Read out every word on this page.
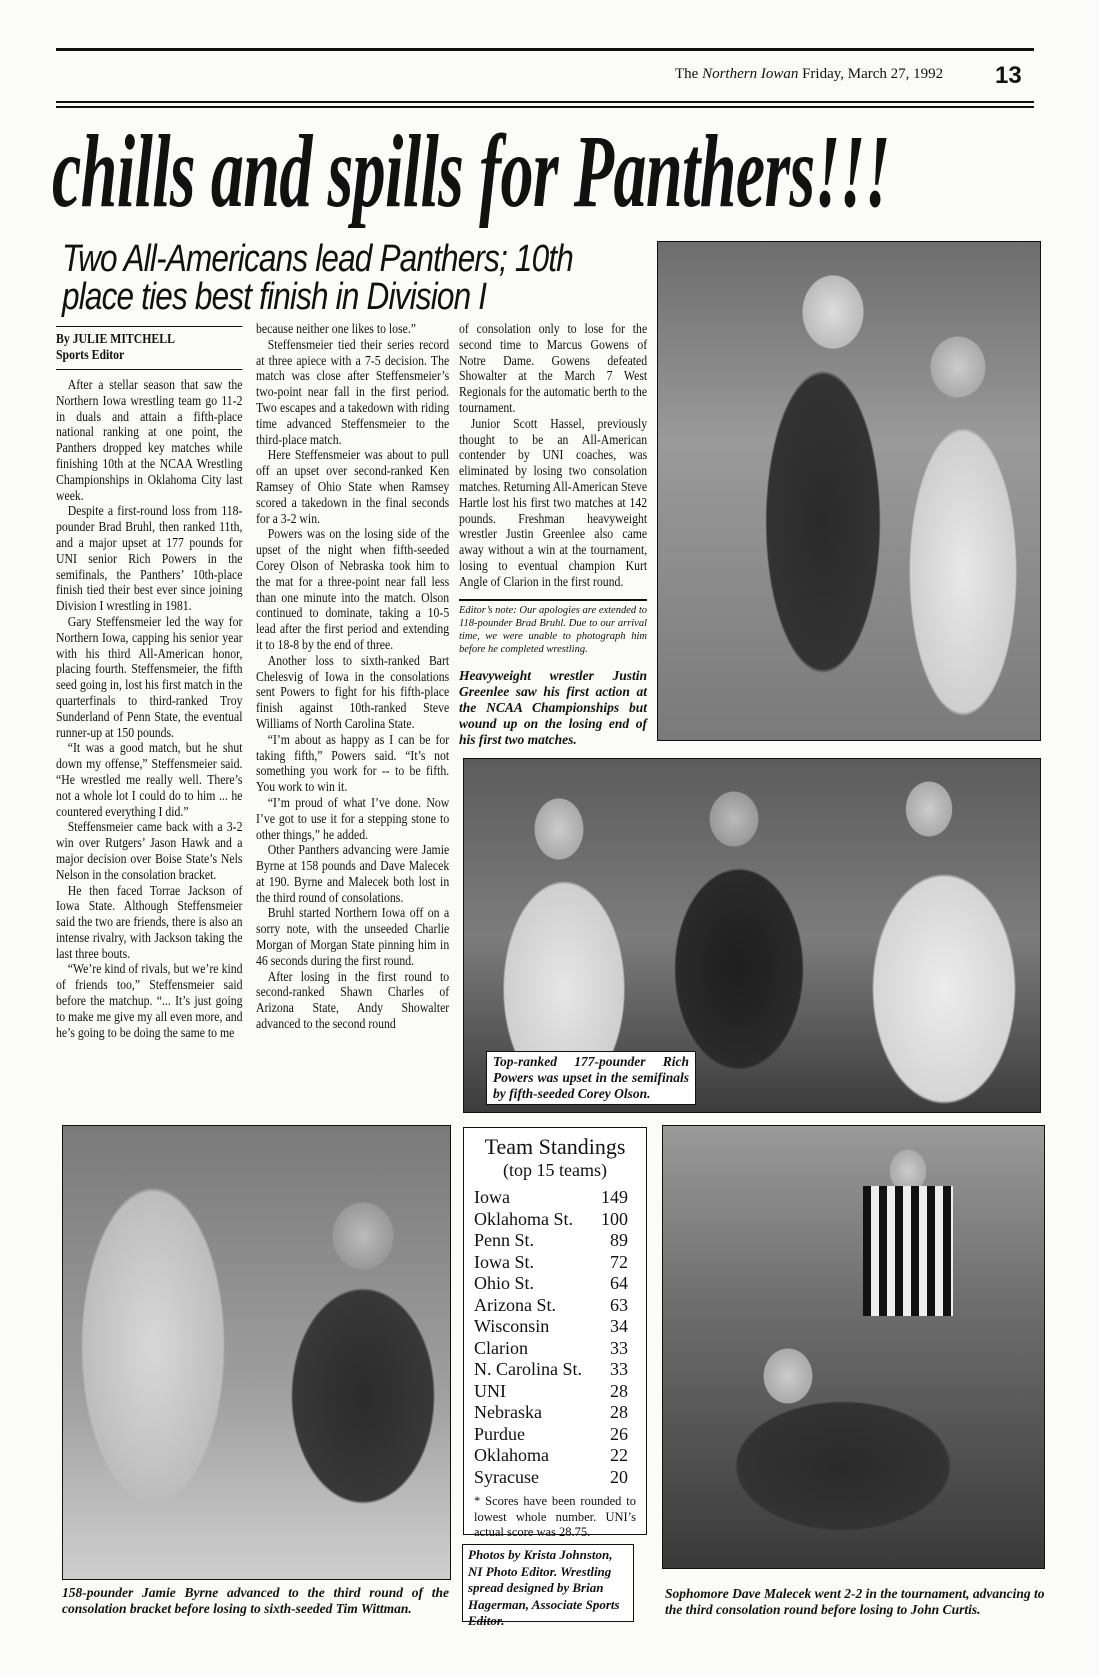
The Northern Iowan Friday, March 27, 1992 13
chills and spills for Panthers!!!
Two All-Americans lead Panthers; 10th place ties best finish in Division I
By JULIE MITCHELL
Sports Editor

After a stellar season that saw the Northern Iowa wrestling team go 11-2 in duals and attain a fifth-place national ranking at one point, the Panthers dropped key matches while finishing 10th at the NCAA Wrestling Championships in Oklahoma City last week.

Despite a first-round loss from 118-pounder Brad Bruhl, then ranked 11th, and a major upset at 177 pounds for UNI senior Rich Powers in the semifinals, the Panthers’ 10th-place finish tied their best ever since joining Division I wrestling in 1981.

Gary Steffensmeier led the way for Northern Iowa, capping his senior year with his third All-American honor, placing fourth. Steffensmeier, the fifth seed going in, lost his first match in the quarterfinals to third-ranked Troy Sunderland of Penn State, the eventual runner-up at 150 pounds.

“It was a good match, but he shut down my offense,” Steffensmeier said. “He wrestled me really well. There’s not a whole lot I could do to him ... he countered everything I did.”

Steffensmeier came back with a 3-2 win over Rutgers’ Jason Hawk and a major decision over Boise State’s Nels Nelson in the consolation bracket.

He then faced Torrae Jackson of Iowa State. Although Steffensmeier said the two are friends, there is also an intense rivalry, with Jackson taking the last three bouts.

“We’re kind of rivals, but we’re kind of friends too,” Steffensmeier said before the matchup. “... It’s just going to make me give my all even more, and he’s going to be doing the same to me

because neither one likes to lose.”

Steffensmeier tied their series record at three apiece with a 7-5 decision. The match was close after Steffensmeier’s two-point near fall in the first period. Two escapes and a takedown with riding time advanced Steffensmeier to the third-place match.

Here Steffensmeier was about to pull off an upset over second-ranked Ken Ramsey of Ohio State when Ramsey scored a takedown in the final seconds for a 3-2 win.

Powers was on the losing side of the upset of the night when fifth-seeded Corey Olson of Nebraska took him to the mat for a three-point near fall less than one minute into the match. Olson continued to dominate, taking a 10-5 lead after the first period and extending it to 18-8 by the end of three.

Another loss to sixth-ranked Bart Chelesvig of Iowa in the consolations sent Powers to fight for his fifth-place finish against 10th-ranked Steve Williams of North Carolina State.

“I’m about as happy as I can be for taking fifth,” Powers said. “It’s not something you work for -- to be fifth. You work to win it.

“I’m proud of what I’ve done. Now I’ve got to use it for a stepping stone to other things,” he added.

Other Panthers advancing were Jamie Byrne at 158 pounds and Dave Malecek at 190. Byrne and Malecek both lost in the third round of consolations.

Bruhl started Northern Iowa off on a sorry note, with the unseeded Charlie Morgan of Morgan State pinning him in 46 seconds during the first round.

After losing in the first round to second-ranked Shawn Charles of Arizona State, Andy Showalter advanced to the second round

of consolation only to lose for the second time to Marcus Gowens of Notre Dame. Gowens defeated Showalter at the March 7 West Regionals for the automatic berth to the tournament.

Junior Scott Hassel, previously thought to be an All-American contender by UNI coaches, was eliminated by losing two consolation matches. Returning All-American Steve Hartle lost his first two matches at 142 pounds. Freshman heavyweight wrestler Justin Greenlee also came away without a win at the tournament, losing to eventual champion Kurt Angle of Clarion in the first round.

Editor’s note: Our apologies are extended to 118-pounder Brad Bruhl. Due to our arrival time, we were unable to photograph him before he completed wrestling.
Heavyweight wrestler Justin Greenlee saw his first action at the NCAA Championships but wound up on the losing end of his first two matches.
Top-ranked 177-pounder Rich Powers was upset in the semifinals by fifth-seeded Corey Olson.
158-pounder Jamie Byrne advanced to the third round of the consolation bracket before losing to sixth-seeded Tim Wittman.
Team Standings
(top 15 teams)
Iowa	149
Oklahoma St. 100
Penn St.	89
Iowa St.	72
Ohio St.	64
Arizona St.	63
Wisconsin	34
Clarion	33
N. Carolina St. 33
UNI	28
Nebraska	28
Purdue	26
Oklahoma	22
Syracuse	20
* Scores have been rounded to lowest whole number. UNI’s actual score was 28.75.
Photos by Krista Johnston, NI Photo Editor. Wrestling spread designed by Brian Hagerman, Associate Sports Editor.
Sophomore Dave Malecek went 2-2 in the tournament, advancing to the third consolation round before losing to John Curtis.
